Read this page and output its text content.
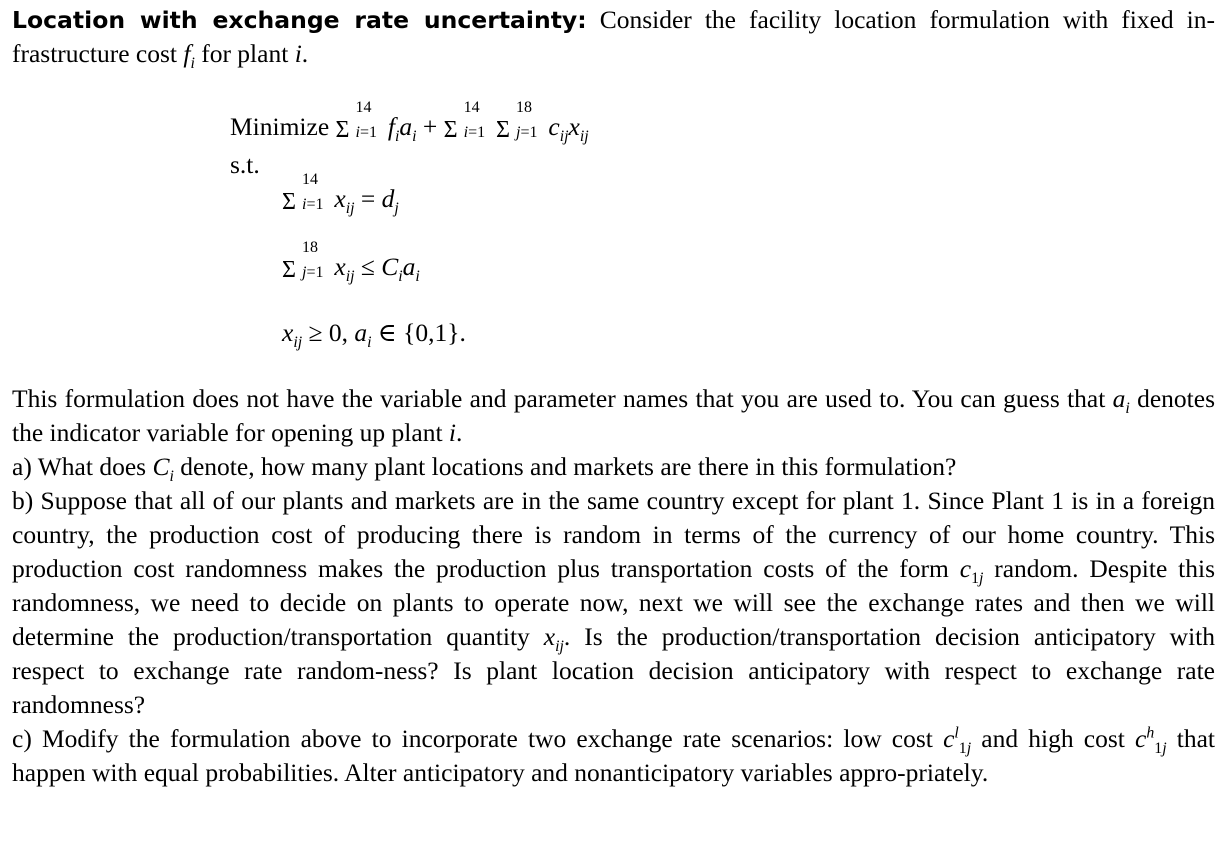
Location with exchange rate uncertainty: Consider the facility location formulation with fixed in-frastructure cost $f_i$ for plant i.
Minimize Σ
14
i=1 $f_ia_i + \Sigma$
14
i=1 Σ
18
j=1 $c_{ij}x_{ij}$
s.t.
Σ
14
i=1 $x_{ij} = d_j$
Σ
18
j=1 $x_{ij} \le C_ia_i$
$x_{ij} \ge 0$, $a_i$ ∈ {0,1}.

This formulation does not have the variable and parameter names that you are used to. You can guess that $a_i$ denotes the indicator variable for opening up plant i.

a) What does $C_i$ denote, how many plant locations and markets are there in this formulation?

b) Suppose that all of our plants and markets are in the same country except for plant 1. Since Plant 1 is in a foreign country, the production cost of producing there is random in terms of the currency of our home country. This production cost randomness makes the production plus transportation costs of the form $c_{1j}$ random. Despite this randomness, we need to decide on plants to operate now, next we will see the exchange rates and then we will determine the production/transportation quantity $x_{ij}$. Is the production/transportation decision anticipatory with respect to exchange rate random-ness? Is plant location decision anticipatory with respect to exchange rate randomness?

c) Modify the formulation above to incorporate two exchange rate scenarios: low cost $c^l_{1j}$ and high cost $c^h_{1j}$ that happen with equal probabilities. Alter anticipatory and nonanticipatory variables appro-priately.
